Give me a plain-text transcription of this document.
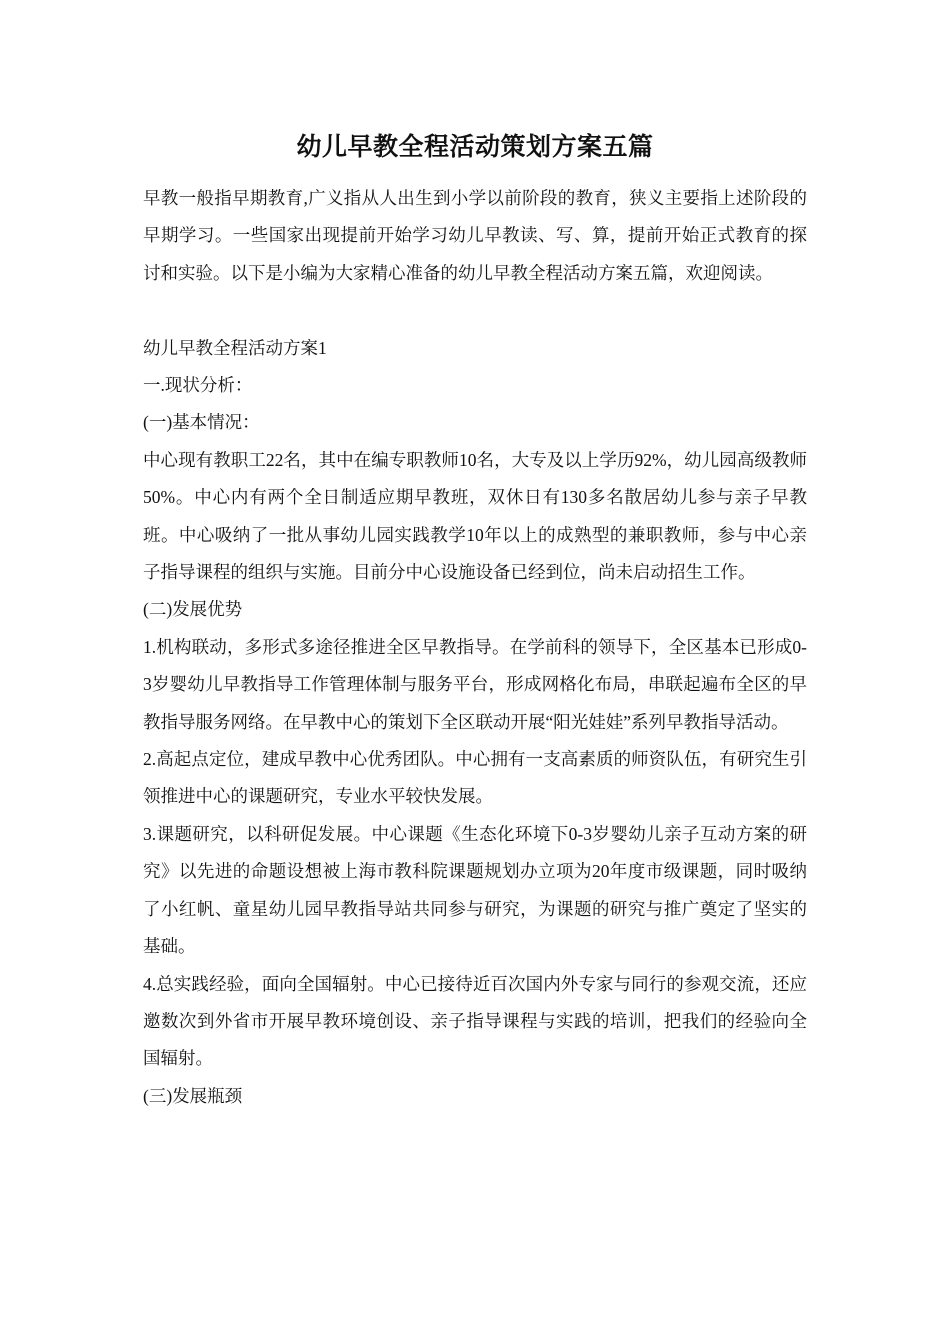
幼儿早教全程活动策划方案五篇

早教一般指早期教育,广义指从人出生到小学以前阶段的教育，狭义主要指上述阶段的早期学习。一些国家出现提前开始学习幼儿早教读、写、算，提前开始正式教育的探讨和实验。以下是小编为大家精心准备的幼儿早教全程活动方案五篇，欢迎阅读。

幼儿早教全程活动方案1

一.现状分析：

(一)基本情况：

中心现有教职工22名，其中在编专职教师10名，大专及以上学历92%，幼儿园高级教师50%。中心内有两个全日制适应期早教班，双休日有130多名散居幼儿参与亲子早教班。中心吸纳了一批从事幼儿园实践教学10年以上的成熟型的兼职教师，参与中心亲子指导课程的组织与实施。目前分中心设施设备已经到位，尚未启动招生工作。

(二)发展优势

1.机构联动，多形式多途径推进全区早教指导。在学前科的领导下，全区基本已形成0-3岁婴幼儿早教指导工作管理体制与服务平台，形成网格化布局，串联起遍布全区的早教指导服务网络。在早教中心的策划下全区联动开展“阳光娃娃”系列早教指导活动。

2.高起点定位，建成早教中心优秀团队。中心拥有一支高素质的师资队伍，有研究生引领推进中心的课题研究，专业水平较快发展。

3.课题研究，以科研促发展。中心课题《生态化环境下0-3岁婴幼儿亲子互动方案的研究》以先进的命题设想被上海市教科院课题规划办立项为20年度市级课题，同时吸纳了小红帆、童星幼儿园早教指导站共同参与研究，为课题的研究与推广奠定了坚实的基础。

4.总实践经验，面向全国辐射。中心已接待近百次国内外专家与同行的参观交流，还应邀数次到外省市开展早教环境创设、亲子指导课程与实践的培训，把我们的经验向全国辐射。

(三)发展瓶颈
